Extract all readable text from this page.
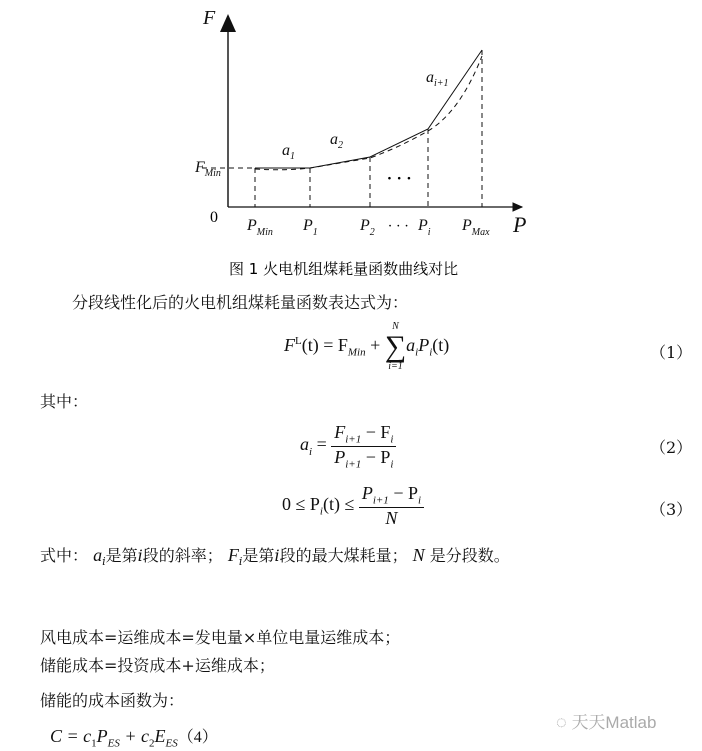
F
P
0
$F_{Min}$
$P_{Min}$ $P_1$	$P_2$ · · · $P_i$ $P_{Max}$
· · ·
$a_1$
$a_2$
$a_{i+1}$
图 1 火电机组煤耗量函数曲线对比
分段线性化后的火电机组煤耗量函数表达式为：
$F^L(t) = F_{Min}$ +
N
∑
i=1
$a_iP_i(t)$	（1）
其中：
$a_i = \frac{F_{i+1} - F_i}{P_{i+1} - P_i}$	（2）
$0 \le P_i(t) \le \frac{P_{i+1} - P_i}{N}$	（3）
式中： $a_i$是第i段的斜率； $F_i$是第i段的最大煤耗量； N 是分段数。
风电成本=运维成本=发电量×单位电量运维成本；
储能成本=投资成本+运维成本；
储能的成本函数为：
$C = c_1P_{ES} + c_2E_{ES}(4)$
◌ 天天Matlab
